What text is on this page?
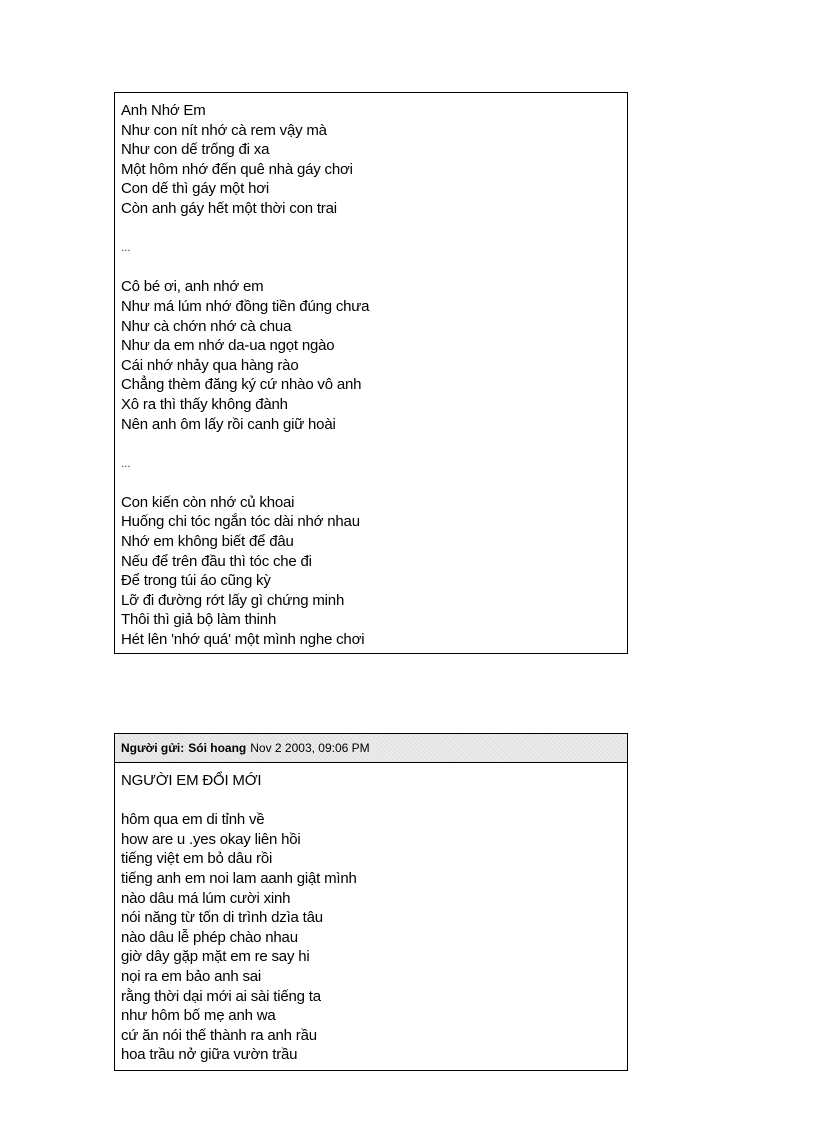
Anh Nhớ Em
Như con nít nhớ cà rem vậy mà
Như con dế trống đi xa
Một hôm nhớ đến quê nhà gáy chơi
Con dế thì gáy một hơi
Còn anh gáy hết một thời con trai
...
Cô bé ơi, anh nhớ em
Như má lúm nhớ đồng tiền đúng chưa
Như cà chớn nhớ cà chua
Như da em nhớ da-ua ngọt ngào
Cái nhớ nhảy qua hàng rào
Chẳng thèm đăng ký cứ nhào vô anh
Xô ra thì thấy không đành
Nên anh ôm lấy rồi canh giữ hoài
...
Con kiến còn nhớ củ khoai
Huống chi tóc ngắn tóc dài nhớ nhau
Nhớ em không biết để đâu
Nếu để trên đầu thì tóc che đi
Để trong túi áo cũng kỳ
Lỡ đi đường rớt lấy gì chứng minh
Thôi thì giả bộ làm thinh
Hét lên 'nhớ quá' một mình nghe chơi
Người gửi: Sói hoang Nov 2 2003, 09:06 PM
NGƯỜI EM ĐỔI MỚI
hôm qua em di tỉnh về
how are u .yes okay liên hồi
tiếng việt em bỏ dâu rồi
tiếng anh em noi lam aanh giật mình
nào dâu má lúm cười xinh
nói năng từ tốn di trình dzìa tâu
nào dâu lễ phép chào nhau
giờ dây gặp mặt em re say hi
nọi ra em bảo anh sai
rằng thời dại mới ai sài tiếng ta
như hôm bố mẹ anh wa
cứ ăn nói thế thành ra anh rầu
hoa trầu nở giữa vườn trầu
